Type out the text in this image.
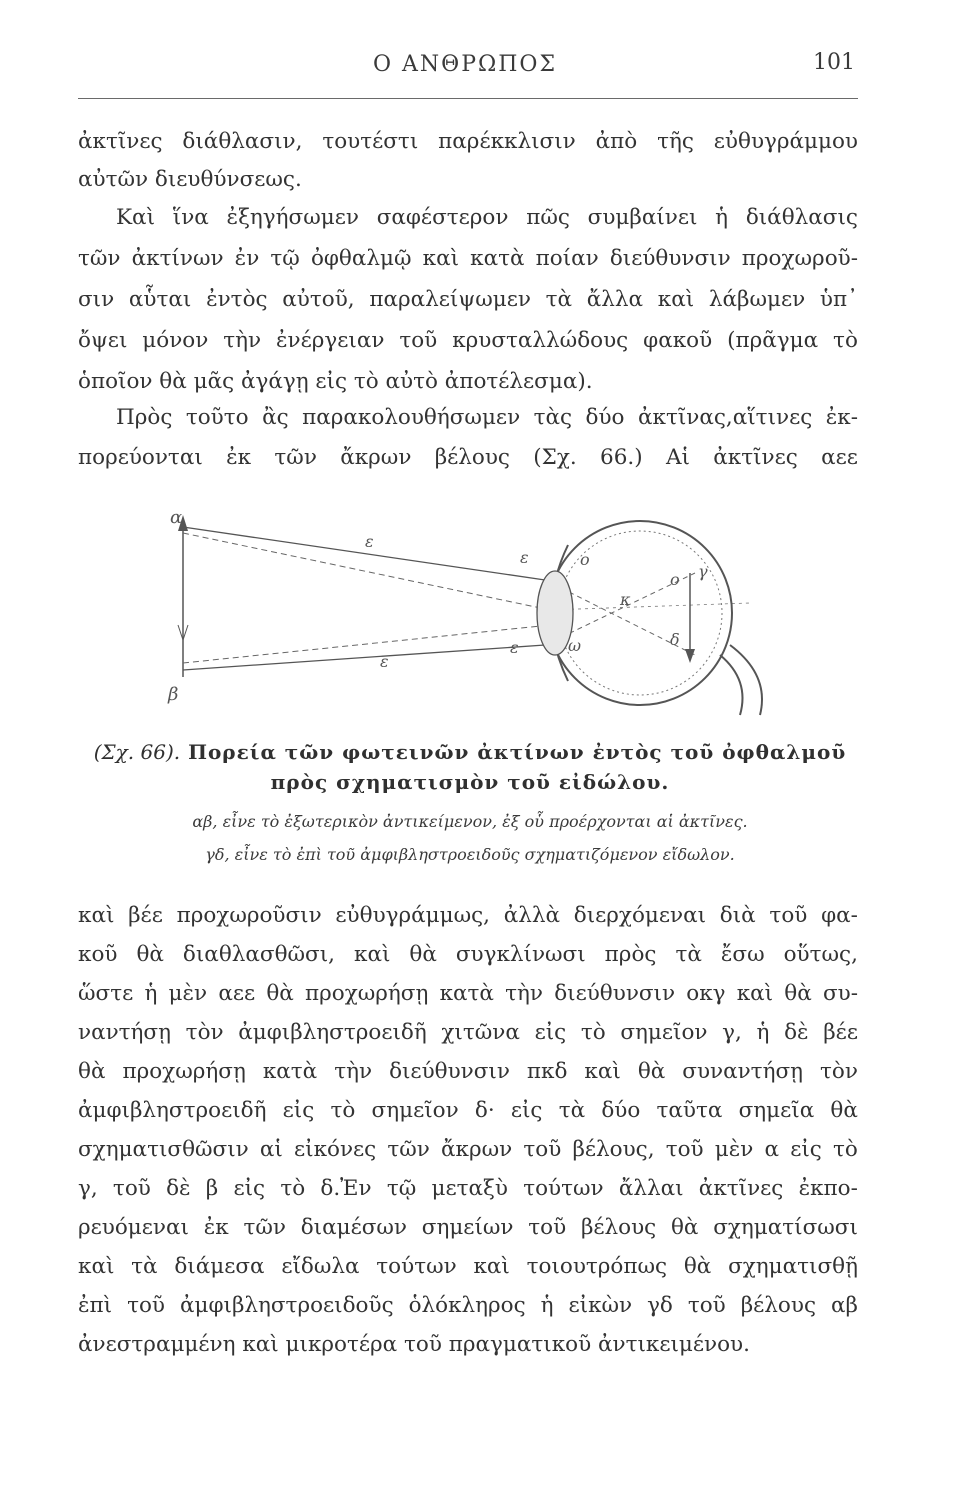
Ο ΑΝΘΡΩΠΟΣ	101
ἀκτῖνες διάθλασιν, τουτέστι παρέκκλισιν ἀπὸ τῆς εὐθυγράμμου
αὐτῶν διευθύνσεως.
Καὶ ἵνα ἐξηγήσωμεν σαφέστερον πῶς συμβαίνει ἡ διάθλασις
τῶν ἀκτίνων ἐν τῷ ὀφθαλμῷ καὶ κατὰ ποίαν διεύθυνσιν προχωροῦ-
σιν αὗται ἐντὸς αὐτοῦ, παραλείψωμεν τὰ ἄλλα καὶ λάβωμεν ὑπ᾽
ὄψει μόνον τὴν ἐνέργειαν τοῦ κρυσταλλώδους φακοῦ (πρᾶγμα τὸ
ὁποῖον θὰ μᾶς ἀγάγῃ εἰς τὸ αὐτὸ ἀποτέλεσμα).
Πρὸς τοῦτο ἂς παρακολουθήσωμεν τὰς δύο ἀκτῖνας,αἵτινες ἐκ-
πορεύονται ἐκ τῶν ἄκρων βέλους (Σχ. 66.) Αἱ ἀκτῖνες αεε
α
β
ε
ε
ε
ε
ο
ο
κ
γ
δ
ω
(Σχ. 66). Πορεία τῶν φωτεινῶν ἀκτίνων ἐντὸς τοῦ ὀφθαλμοῦ
πρὸς σχηματισμὸν τοῦ εἰδώλου.
αβ, εἶνε τὸ ἐξωτερικὸν ἀντικείμενον, ἐξ οὗ προέρχονται αἱ ἀκτῖνες.
γδ, εἶνε τὸ ἐπὶ τοῦ ἀμφιβληστροειδοῦς σχηματιζόμενον εἴδωλον.
καὶ βέε προχωροῦσιν εὐθυγράμμως, ἀλλὰ διερχόμεναι διὰ τοῦ φα-
κοῦ θὰ διαθλασθῶσι, καὶ θὰ συγκλίνωσι πρὸς τὰ ἔσω οὕτως,
ὥστε ἡ μὲν αεε θὰ προχωρήσῃ κατὰ τὴν διεύθυνσιν οκγ καὶ θὰ συ-
ναντήσῃ τὸν ἀμφιβληστροειδῆ χιτῶνα εἰς τὸ σημεῖον γ, ἡ δὲ βέε
θὰ προχωρήσῃ κατὰ τὴν διεύθυνσιν πκδ καὶ θὰ συναντήσῃ τὸν
ἀμφιβληστροειδῆ εἰς τὸ σημεῖον δ· εἰς τὰ δύο ταῦτα σημεῖα θὰ
σχηματισθῶσιν αἱ εἰκόνες τῶν ἄκρων τοῦ βέλους, τοῦ μὲν α εἰς τὸ
γ, τοῦ δὲ β εἰς τὸ δ.Ἐν τῷ μεταξὺ τούτων ἄλλαι ἀκτῖνες ἐκπο-
ρευόμεναι ἐκ τῶν διαμέσων σημείων τοῦ βέλους θὰ σχηματίσωσι
καὶ τὰ διάμεσα εἴδωλα τούτων καὶ τοιουτρόπως θὰ σχηματισθῇ
ἐπὶ τοῦ ἀμφιβληστροειδοῦς ὁλόκληρος ἡ εἰκὼν γδ τοῦ βέλους αβ
ἀνεστραμμένη καὶ μικροτέρα τοῦ πραγματικοῦ ἀντικειμένου.
